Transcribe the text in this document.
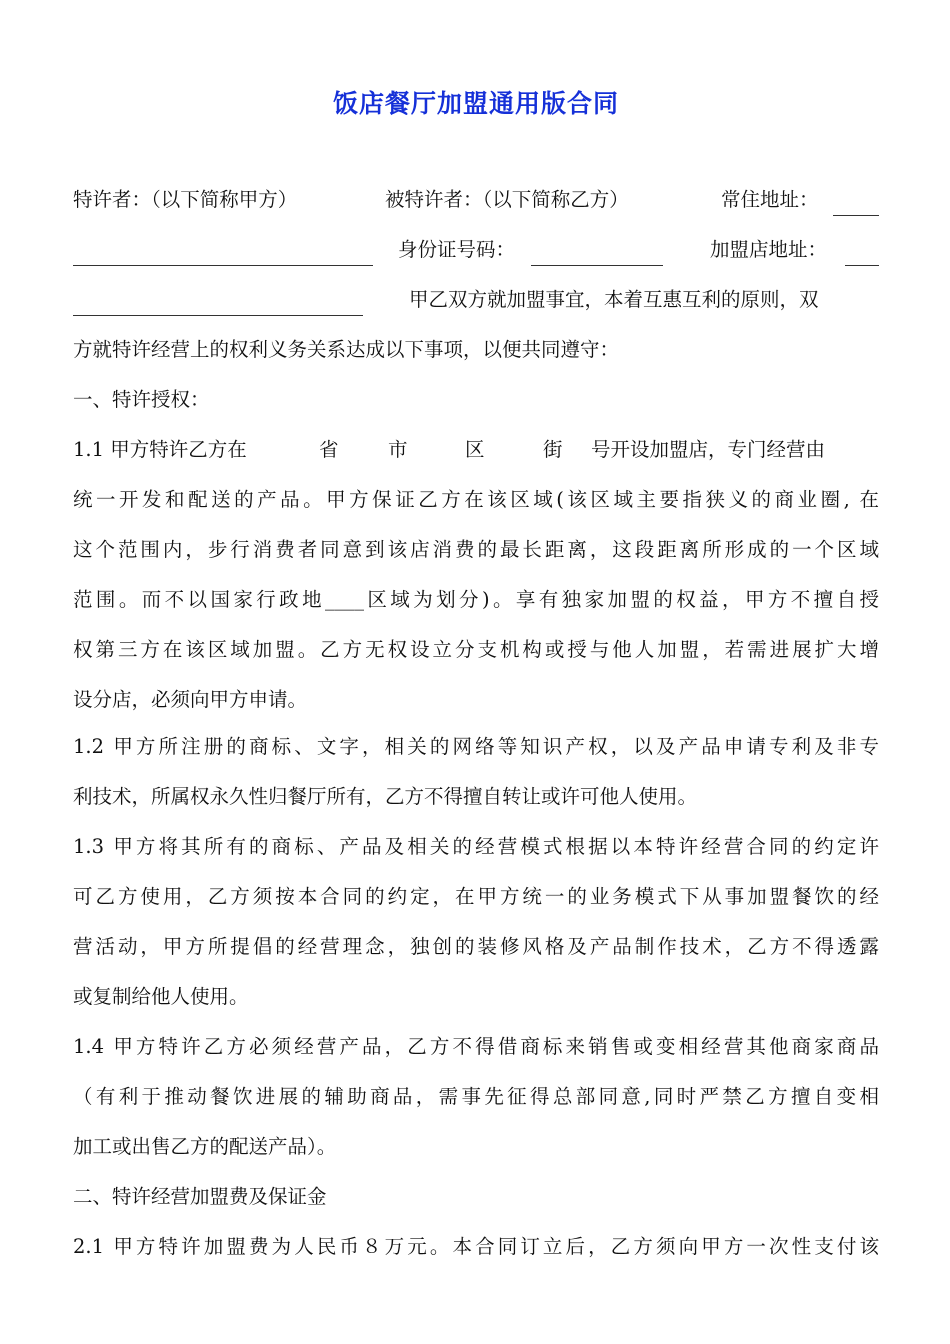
饭店餐厅加盟通用版合同
特许者：（以下简称甲方）	被特许者：（以下简称乙方）	常住地址：
身份证号码：	加盟店地址：
甲乙双方就加盟事宜，本着互惠互利的原则，双
方就特许经营上的权利义务关系达成以下事项，以便共同遵守：
一、特许授权：
1.1 甲方特许乙方在	省	市	区	街 号开设加盟店，专门经营由
统一开发和配送的产品。甲方保证乙方在该区域(该区域主要指狭义的商业圈, 在
这个范围内，步行消费者同意到该店消费的最长距离，这段距离所形成的一个区域
范围。而不以国家行政地____区域为划分)。享有独家加盟的权益，甲方不擅自授
权第三方在该区域加盟。乙方无权设立分支机构或授与他人加盟，若需进展扩大增
设分店，必须向甲方申请。
1.2 甲方所注册的商标、文字，相关的网络等知识产权，以及产品申请专利及非专
利技术，所属权永久性归餐厅所有，乙方不得擅自转让或许可他人使用。
1.3 甲方将其所有的商标、产品及相关的经营模式根据以本特许经营合同的约定许
可乙方使用，乙方须按本合同的约定，在甲方统一的业务模式下从事加盟餐饮的经
营活动，甲方所提倡的经营理念，独创的装修风格及产品制作技术，乙方不得透露
或复制给他人使用。
1.4 甲方特许乙方必须经营产品，乙方不得借商标来销售或变相经营其他商家商品
（有利于推动餐饮进展的辅助商品，需事先征得总部同意,同时严禁乙方擅自变相
加工或出售乙方的配送产品）。
二、特许经营加盟费及保证金
2.1 甲方特许加盟费为人民币８万元。本合同订立后，乙方须向甲方一次性支付该
